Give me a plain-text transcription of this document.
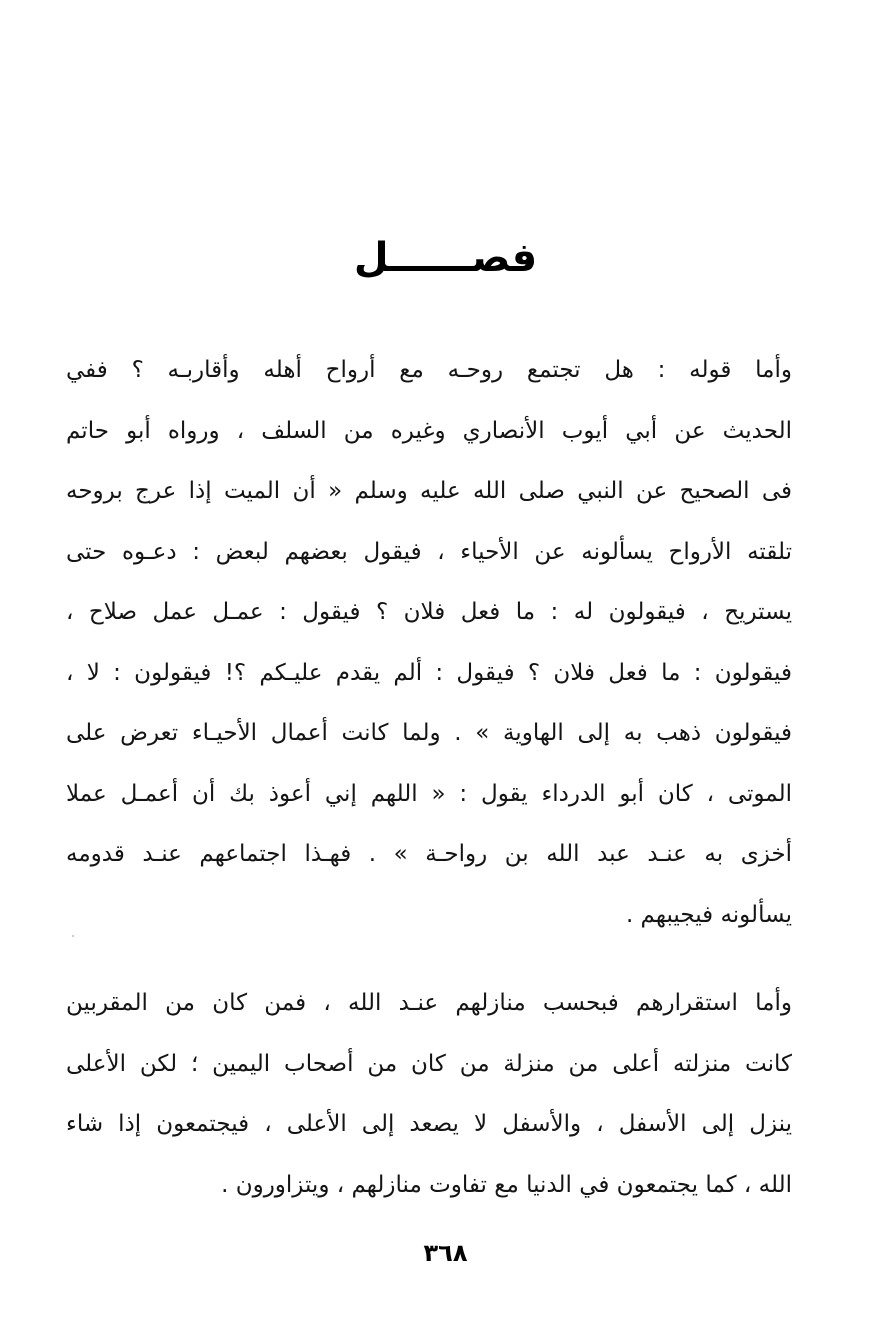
فصــــــل
وأما قوله : هل تجتمع روحـه مع أرواح أهله وأقاربـه ؟ ففي
الحديث عن أبي أيوب الأنصاري وغيره من السلف ، ورواه أبو حاتم
فى الصحيح عن النبي صلى الله عليه وسلم « أن الميت إذا عرج بروحه
تلقته الأرواح يسألونه عن الأحياء ، فيقول بعضهم لبعض : دعـوه حتى
يستريح ، فيقولون له : ما فعل فلان ؟ فيقول : عمـل عمل صلاح ،
فيقولون : ما فعل فلان ؟ فيقول : ألم يقدم عليـكم ؟! فيقولون : لا ،
فيقولون ذهب به إلى الهاوية » . ولما كانت أعمال الأحيـاء تعرض على
الموتى ، كان أبو الدرداء يقول : « اللهم إني أعوذ بك أن أعمـل عملا
أخزى به عنـد عبد الله بن رواحـة » . فهـذا اجتماعهم عنـد قدومه
يسألونه فيجيبهم .
وأما استقرارهم فبحسب منازلهم عنـد الله ، فمن كان من المقربين
كانت منزلته أعلى من منزلة من كان من أصحاب اليمين ؛ لكن الأعلى
ينزل إلى الأسفل ، والأسفل لا يصعد إلى الأعلى ، فيجتمعون إذا شاء
الله ، كما يجتمعون في الدنيا مع تفاوت منازلهم ، ويتزاورون .
٣٦٨
